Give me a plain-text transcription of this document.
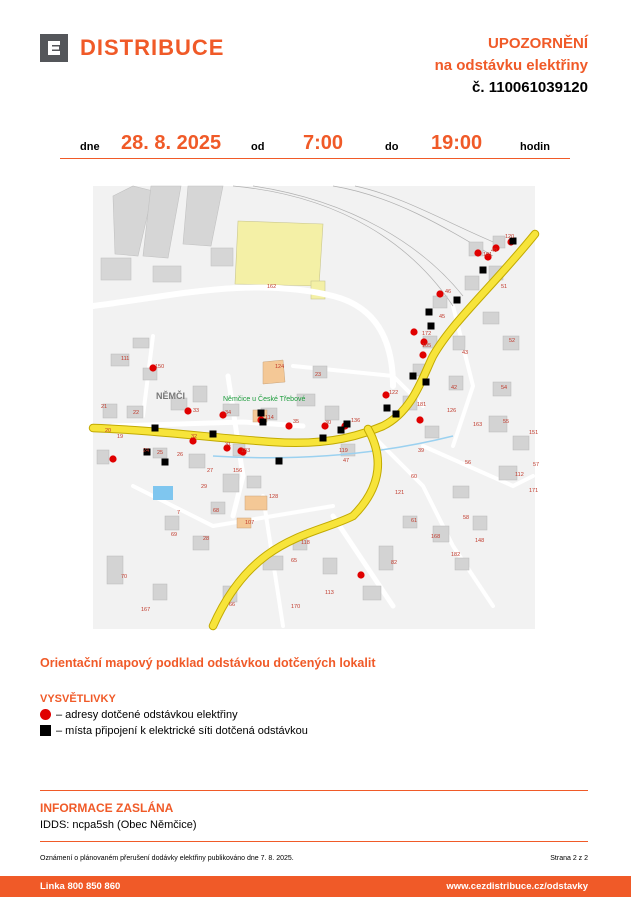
DISTRIBUCE	UPOZORNĚNÍ
na odstávku elektřiny
č. 110061039120
dne 28. 8. 2025	od 7:00	do 19:00	hodin
162
124
23
111
150
21
22
20
19
24 25	26
32
33	34
31
103
114
35	30	136
119
47
122
181
126
39
60
121
27	156
29
128
68
107
7
69
28
70
118
65
66
167	170
113
82
61
168
182
148
56	57
58
163	55
54
52
43
105
172
45
46
51
49
101
120
171
112
151
42
NĚMČI	Němčice u České Třebové
Orientační mapový podklad odstávkou dotčených lokalit
VYSVĚTLIVKY
– adresy dotčené odstávkou elektřiny
– místa připojení k elektrické síti dotčená odstávkou
INFORMACE ZASLÁNA
IDDS: ncpa5sh (Obec Němčice)
Oznámení o plánovaném přerušení dodávky elektřiny publikováno dne 7. 8. 2025.	Strana 2 z 2
Linka 800 850 860	www.cezdistribuce.cz/odstavky
